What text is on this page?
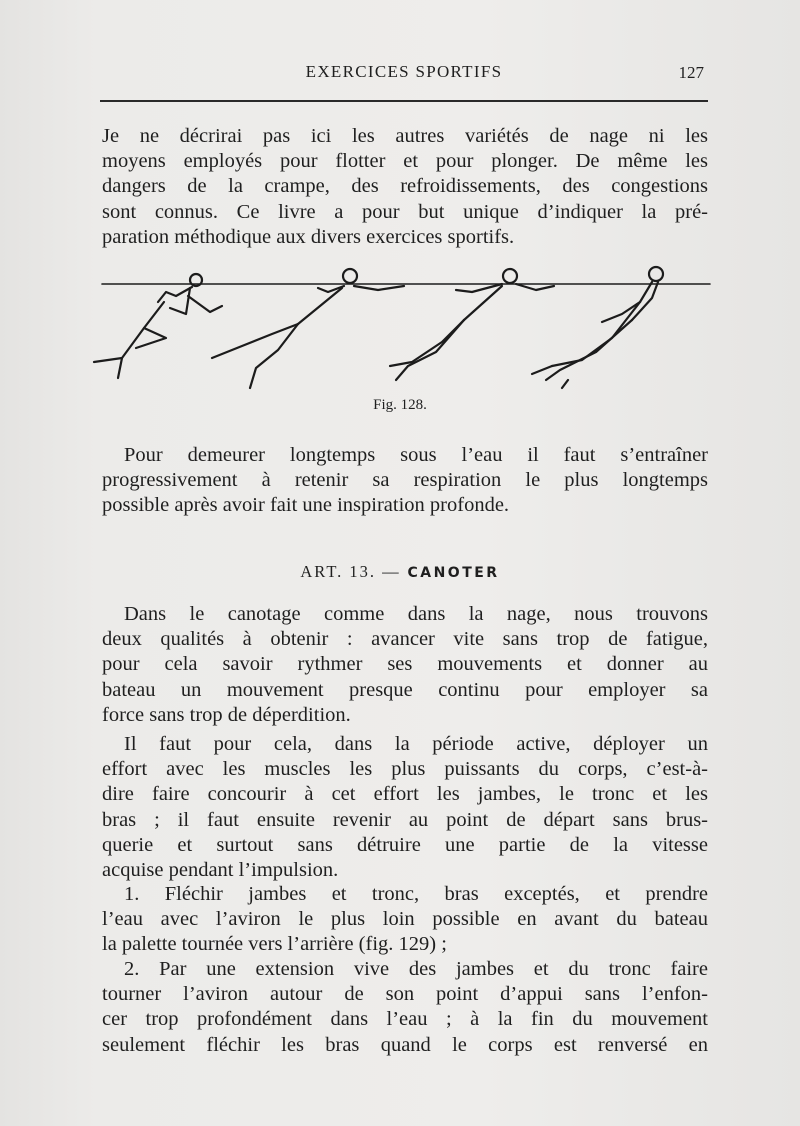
EXERCICES SPORTIFS	127
Je ne décrirai pas ici les autres variétés de nage ni les
moyens employés pour flotter et pour plonger. De même les
dangers de la crampe, des refroidissements, des congestions
sont connus. Ce livre a pour but unique d’indiquer la pré-
paration méthodique aux divers exercices sportifs.
Fig. 128.
Pour demeurer longtemps sous l’eau il faut s’entraîner
progressivement à retenir sa respiration le plus longtemps
possible après avoir fait une inspiration profonde.
ART. 13. — CANOTER
Dans le canotage comme dans la nage, nous trouvons
deux qualités à obtenir : avancer vite sans trop de fatigue,
pour cela savoir rythmer ses mouvements et donner au
bateau un mouvement presque continu pour employer sa
force sans trop de déperdition.
Il faut pour cela, dans la période active, déployer un
effort avec les muscles les plus puissants du corps, c’est-à-
dire faire concourir à cet effort les jambes, le tronc et les
bras ; il faut ensuite revenir au point de départ sans brus-
querie et surtout sans détruire une partie de la vitesse
acquise pendant l’impulsion.
1. Fléchir jambes et tronc, bras exceptés, et prendre
l’eau avec l’aviron le plus loin possible en avant du bateau
la palette tournée vers l’arrière (fig. 129) ;
2. Par une extension vive des jambes et du tronc faire
tourner l’aviron autour de son point d’appui sans l’enfon-
cer trop profondément dans l’eau ; à la fin du mouvement
seulement fléchir les bras quand le corps est renversé en
